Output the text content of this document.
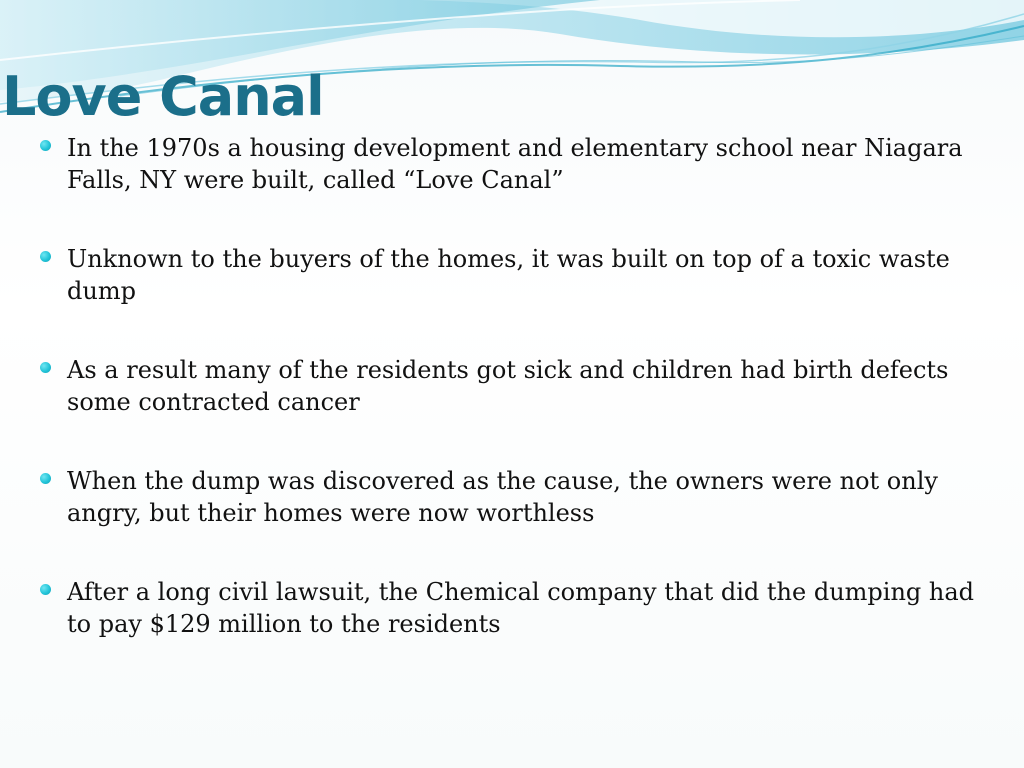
Love Canal
In the 1970s a housing development and elementary school near Niagara Falls, NY were built, called “Love Canal”
Unknown to the buyers of the homes, it was built on top of a toxic waste dump
As a result many of the residents got sick and children had birth defects some contracted cancer
When the dump was discovered as the cause, the owners were not only angry, but their homes were now worthless
After a long civil lawsuit, the Chemical company that did the dumping had to pay $129 million to the residents
